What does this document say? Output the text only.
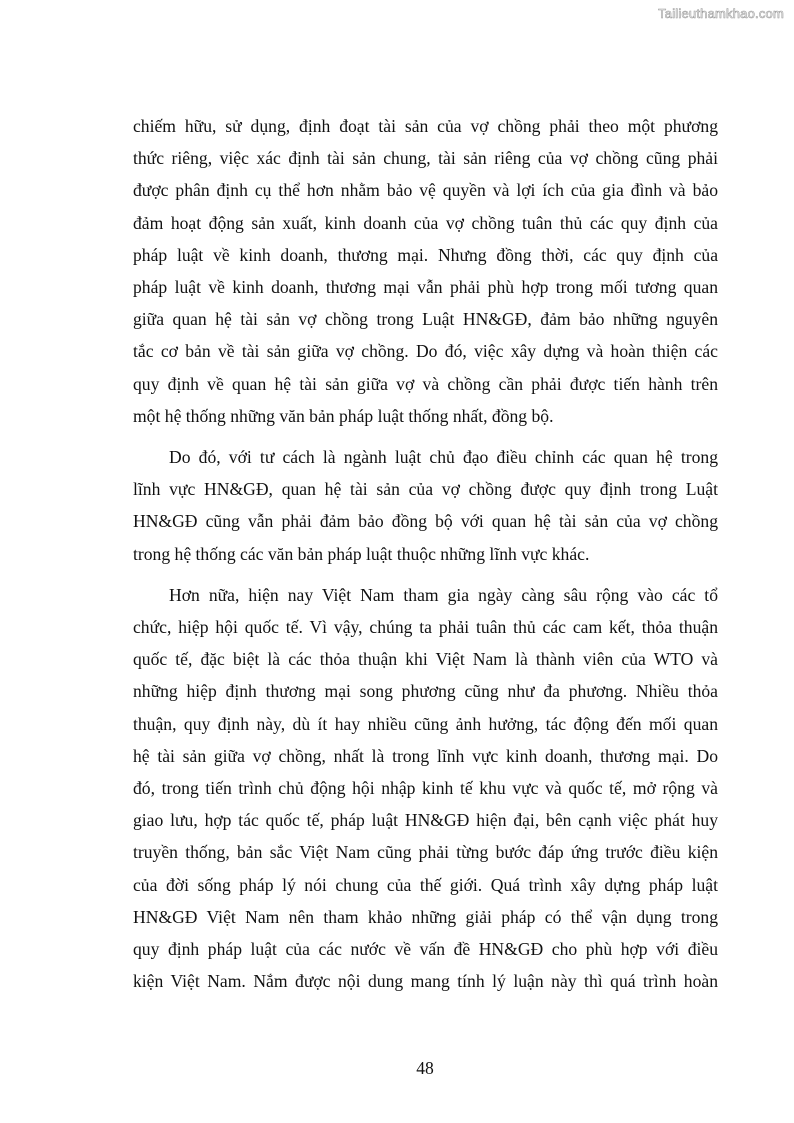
Tailieuthamkhao.com

chiếm hữu, sử dụng, định đoạt tài sản của vợ chồng phải theo một phương
thức riêng, việc xác định tài sản chung, tài sản riêng của vợ chồng cũng phải
được phân định cụ thể hơn nhằm bảo vệ quyền và lợi ích của gia đình và bảo
đảm hoạt động sản xuất, kinh doanh của vợ chồng tuân thủ các quy định của
pháp luật về kinh doanh, thương mại. Nhưng đồng thời, các quy định của
pháp luật về kinh doanh, thương mại vẫn phải phù hợp trong mối tương quan
giữa quan hệ tài sản vợ chồng trong Luật HN&GĐ, đảm bảo những nguyên
tắc cơ bản về tài sản giữa vợ chồng. Do đó, việc xây dựng và hoàn thiện các
quy định về quan hệ tài sản giữa vợ và chồng cần phải được tiến hành trên
một hệ thống những văn bản pháp luật thống nhất, đồng bộ.

Do đó, với tư cách là ngành luật chủ đạo điều chỉnh các quan hệ trong
lĩnh vực HN&GĐ, quan hệ tài sản của vợ chồng được quy định trong Luật
HN&GĐ cũng vẫn phải đảm bảo đồng bộ với quan hệ tài sản của vợ chồng
trong hệ thống các văn bản pháp luật thuộc những lĩnh vực khác.

Hơn nữa, hiện nay Việt Nam tham gia ngày càng sâu rộng vào các tổ
chức, hiệp hội quốc tế. Vì vậy, chúng ta phải tuân thủ các cam kết, thỏa thuận
quốc tế, đặc biệt là các thỏa thuận khi Việt Nam là thành viên của WTO và
những hiệp định thương mại song phương cũng như đa phương. Nhiều thỏa
thuận, quy định này, dù ít hay nhiều cũng ảnh hưởng, tác động đến mối quan
hệ tài sản giữa vợ chồng, nhất là trong lĩnh vực kinh doanh, thương mại. Do
đó, trong tiến trình chủ động hội nhập kinh tế khu vực và quốc tế, mở rộng và
giao lưu, hợp tác quốc tế, pháp luật HN&GĐ hiện đại, bên cạnh việc phát huy
truyền thống, bản sắc Việt Nam cũng phải từng bước đáp ứng trước điều kiện
của đời sống pháp lý nói chung của thế giới. Quá trình xây dựng pháp luật
HN&GĐ Việt Nam nên tham khảo những giải pháp có thể vận dụng trong
quy định pháp luật của các nước về vấn đề HN&GĐ cho phù hợp với điều
kiện Việt Nam. Nắm được nội dung mang tính lý luận này thì quá trình hoàn

48
